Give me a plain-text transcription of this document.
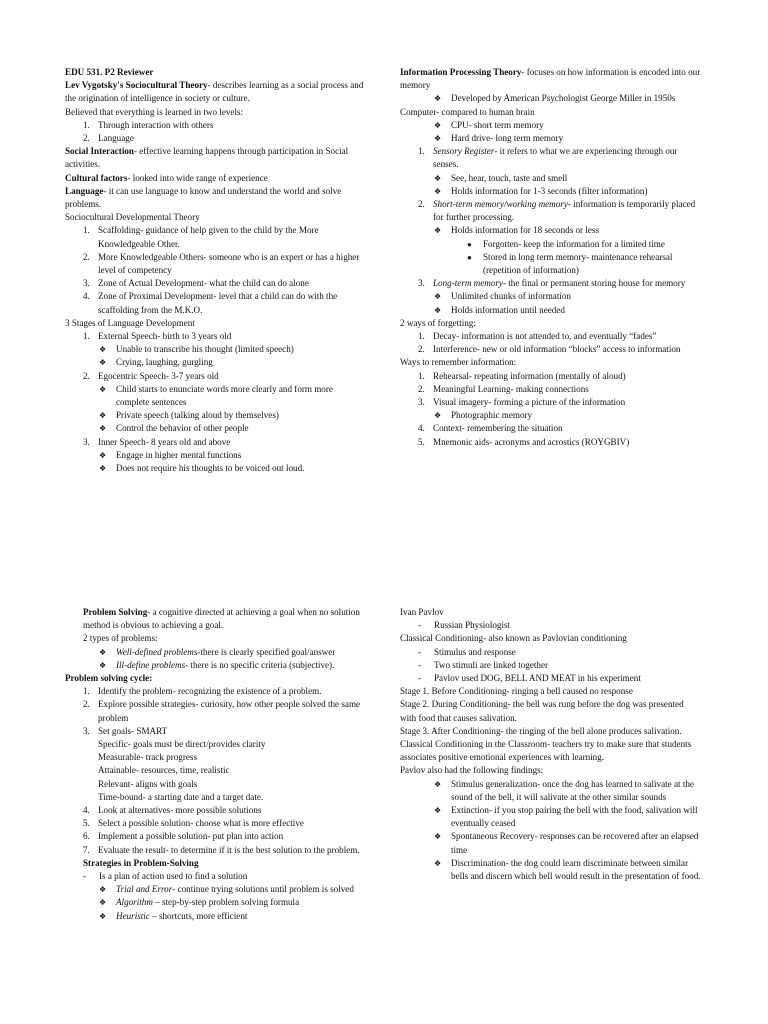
EDU 531. P2 Reviewer

Lev Vygotsky's Sociocultural Theory- describes learning as a social process and the origination of intelligence in society or culture.

Believed that everything is learned in two levels:

1. Through interaction with others
2. Language

Social Interaction- effective learning happens through participation in Social activities.

Cultural factors- looked into wide range of experience

Language- it can use language to know and understand the world and solve problems.

Sociocultural Developmental Theory

1. Scaffolding- guidance of help given to the child by the More Knowledgeable Other.
2. More Knowledgeable Others- someone who is an expert or has a higher level of competency
3. Zone of Actual Development- what the child can do alone
4. Zone of Proximal Development- level that a child can do with the scaffolding from the M.K.O.

3 Stages of Language Development

1. External Speech- birth to 3 years old
❖ Unable to transcribe his thought (limited speech)
❖ Crying, laughing, gurgling
2. Egocentric Speech- 3-7 years old
❖ Child starts to enunciate words more clearly and form more complete sentences
❖ Private speech (talking aloud by themselves)
❖ Control the behavior of other people
3. Inner Speech- 8 years old and above
❖ Engage in higher mental functions
❖ Does not require his thoughts to be voiced out loud.

Information Processing Theory- focuses on how information is encoded into our memory

❖ Developed by American Psychologist George Miller in 1950s

Computer- compared to human brain

❖ CPU- short term memory
❖ Hard drive- long term memory
1. Sensory Register- it refers to what we are experiencing through our senses.
❖ See, hear, touch, taste and smell
❖ Holds information for 1-3 seconds (filter information)
2. Short-term memory/working memory- information is temporarily placed for further processing.
❖ Holds information for 18 seconds or less
● Forgotten- keep the information for a limited time
● Stored in long term memory- maintenance rehearsal (repetition of information)
3. Long-term memory- the final or permanent storing house for memory
❖ Unlimited chunks of information
❖ Holds information until needed

2 ways of forgetting:

1. Decay- information is not attended to, and eventually “fades”
2. Interference- new or old information “blocks” access to information

Ways to remember information:

1. Rehearsal- repeating information (mentally of aloud)
2. Meaningful Learning- making connections
3. Visual imagery- forming a picture of the information
❖ Photographic memory
4. Context- remembering the situation
5. Mnemonic aids- acronyms and acrostics (ROYGBIV)

Problem Solving- a cognitive directed at achieving a goal when no solution method is obvious to achieving a goal.

2 types of problems:

❖ Well-defined problems-there is clearly specified goal/answer
❖ Ill-define problems- there is no specific criteria (subjective).

Problem solving cycle:

1. Identify the problem- recognizing the existence of a problem.
2. Explore possible strategies- curiosity, how other people solved the same problem
3. Set goals- SMART

Specific- goals must be direct/provides clarity

Measurable- track progress

Attainable- resources, time, realistic

Relevant- aligns with goals

Time-bound- a starting date and a target date.

4. Look at alternatives- more possible solutions
5. Select a possible solution- choose what is more effective
6. Implement a possible solution- put plan into action
7. Evaluate the result- to determine if it is the best solution to the problem.

Strategies in Problem-Solving

- Is a plan of action used to find a solution
❖ Trial and Error- continue trying solutions until problem is solved
❖ Algorithm – step-by-step problem solving formula
❖ Heuristic – shortcuts, more efficient

Ivan Pavlov

- Russian Physiologist

Classical Conditioning- also known as Pavlovian conditioning

- Stimulus and response
- Two stimuli are linked together
- Pavlov used DOG, BELL AND MEAT in his experiment

Stage 1. Before Conditioning- ringing a bell caused no response

Stage 2. During Conditioning- the bell was rung before the dog was presented with food that causes salivation.

Stage 3. After Conditioning- the ringing of the bell alone produces salivation.

Classical Conditioning in the Classroom- teachers try to make sure that students associates positive emotional experiences with learning.

Pavlov also had the following findings:

❖ Stimulus generalization- once the dog has learned to salivate at the sound of the bell, it will salivate at the other similar sounds
❖ Extinction- if you stop pairing the bell with the food, salivation will eventually ceased
❖ Spontaneous Recovery- responses can be recovered after an elapsed time
❖ Discrimination- the dog could learn discriminate between similar bells and discern which bell would result in the presentation of food.
